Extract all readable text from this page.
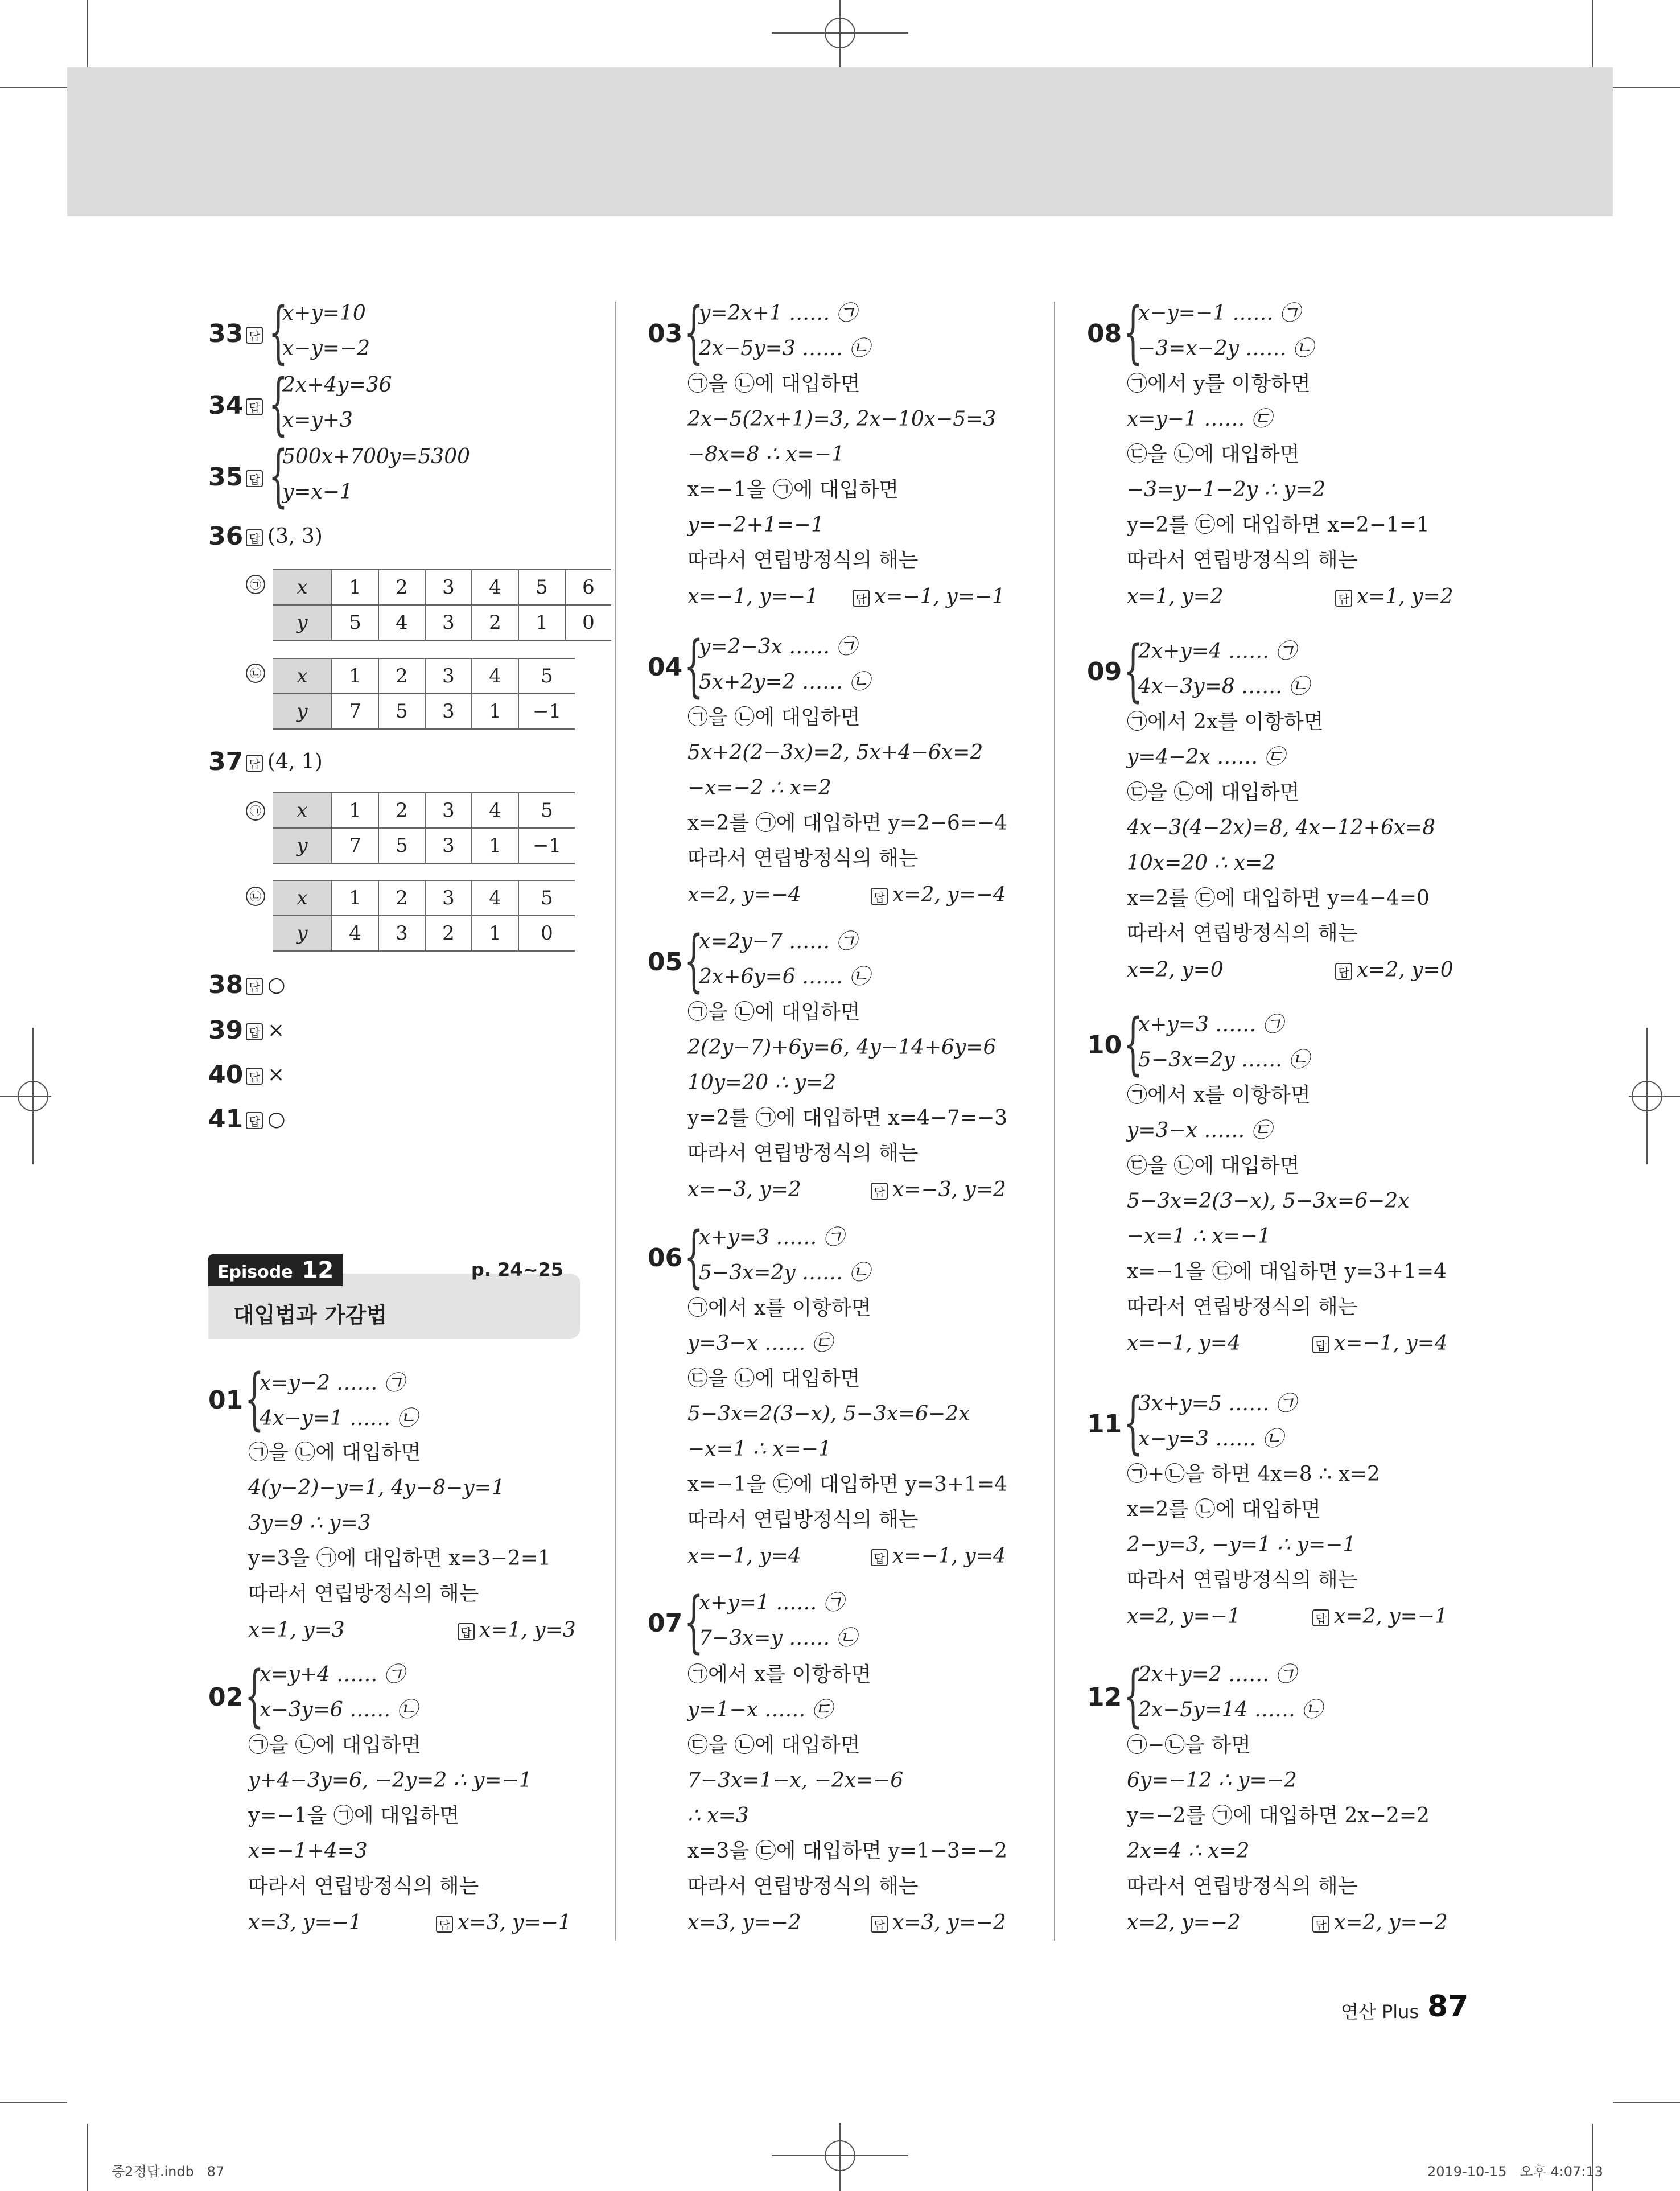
33 답 {
x+y=10
x−y=−2
34 답 {
2x+4y=36
x=y+3
35 답 {
500x+700y=5300
y=x−1
36 답 (3, 3)
㉠ x	1	2	3	4	5	6
y	5	4	3	2	1	0
㉡ x	1	2	3	4	5
y	7	5	3	1	−1
37 답 (4, 1)
㉠ x	1	2	3	4	5
y	7	5	3	1	−1
㉡ x	1	2	3	4	5
y	4	3	2	1	0
38 답 ○
39 답 ×
40 답 ×
41 답 ○
Episode 12	p. 24~25
대입법과 가감법
01 {
x=y−2 …… ㉠
4x−y=1 …… ㉡
㉠을 ㉡에 대입하면
4(y−2)−y=1, 4y−8−y=1
3y=9 ∴ y=3
y=3을 ㉠에 대입하면 x=3−2=1
따라서 연립방정식의 해는
x=1, y=3	답 x=1, y=3
02 {
x=y+4 …… ㉠
x−3y=6 …… ㉡
㉠을 ㉡에 대입하면
y+4−3y=6, −2y=2 ∴ y=−1
y=−1을 ㉠에 대입하면
x=−1+4=3
따라서 연립방정식의 해는
x=3, y=−1	답 x=3, y=−1
03 {
y=2x+1 …… ㉠
2x−5y=3 …… ㉡
㉠을 ㉡에 대입하면
2x−5(2x+1)=3, 2x−10x−5=3
−8x=8 ∴ x=−1
x=−1을 ㉠에 대입하면
y=−2+1=−1
따라서 연립방정식의 해는
x=−1, y=−1	답 x=−1, y=−1
04 {
y=2−3x …… ㉠
5x+2y=2 …… ㉡
㉠을 ㉡에 대입하면
5x+2(2−3x)=2, 5x+4−6x=2
−x=−2 ∴ x=2
x=2를 ㉠에 대입하면 y=2−6=−4
따라서 연립방정식의 해는
x=2, y=−4	답 x=2, y=−4
05 {
x=2y−7 …… ㉠
2x+6y=6 …… ㉡
㉠을 ㉡에 대입하면
2(2y−7)+6y=6, 4y−14+6y=6
10y=20 ∴ y=2
y=2를 ㉠에 대입하면 x=4−7=−3
따라서 연립방정식의 해는
x=−3, y=2	답 x=−3, y=2
06 {
x+y=3 …… ㉠
5−3x=2y …… ㉡
㉠에서 x를 이항하면
y=3−x …… ㉢
㉢을 ㉡에 대입하면
5−3x=2(3−x), 5−3x=6−2x
−x=1 ∴ x=−1
x=−1을 ㉢에 대입하면 y=3+1=4
따라서 연립방정식의 해는
x=−1, y=4	답 x=−1, y=4
07 {
x+y=1 …… ㉠
7−3x=y …… ㉡
㉠에서 x를 이항하면
y=1−x …… ㉢
㉢을 ㉡에 대입하면
7−3x=1−x, −2x=−6
∴ x=3
x=3을 ㉢에 대입하면 y=1−3=−2
따라서 연립방정식의 해는
x=3, y=−2	답 x=3, y=−2
08 {
x−y=−1 …… ㉠
−3=x−2y …… ㉡
㉠에서 y를 이항하면
x=y−1 …… ㉢
㉢을 ㉡에 대입하면
−3=y−1−2y ∴ y=2
y=2를 ㉢에 대입하면 x=2−1=1
따라서 연립방정식의 해는
x=1, y=2	답 x=1, y=2
09 {
2x+y=4 …… ㉠
4x−3y=8 …… ㉡
㉠에서 2x를 이항하면
y=4−2x …… ㉢
㉢을 ㉡에 대입하면
4x−3(4−2x)=8, 4x−12+6x=8
10x=20 ∴ x=2
x=2를 ㉢에 대입하면 y=4−4=0
따라서 연립방정식의 해는
x=2, y=0	답 x=2, y=0
10 {
x+y=3 …… ㉠
5−3x=2y …… ㉡
㉠에서 x를 이항하면
y=3−x …… ㉢
㉢을 ㉡에 대입하면
5−3x=2(3−x), 5−3x=6−2x
−x=1 ∴ x=−1
x=−1을 ㉢에 대입하면 y=3+1=4
따라서 연립방정식의 해는
x=−1, y=4	답 x=−1, y=4
11 {
3x+y=5 …… ㉠
x−y=3 …… ㉡
㉠+㉡을 하면 4x=8 ∴ x=2
x=2를 ㉡에 대입하면
2−y=3, −y=1 ∴ y=−1
따라서 연립방정식의 해는
x=2, y=−1	답 x=2, y=−1
12 {
2x+y=2 …… ㉠
2x−5y=14 …… ㉡
㉠−㉡을 하면
6y=−12 ∴ y=−2
y=−2를 ㉠에 대입하면 2x−2=2
2x=4 ∴ x=2
따라서 연립방정식의 해는
x=2, y=−2	답 x=2, y=−2
연산 Plus 87
중2정답.indb   87	2019-10-15   오후 4:07:13
